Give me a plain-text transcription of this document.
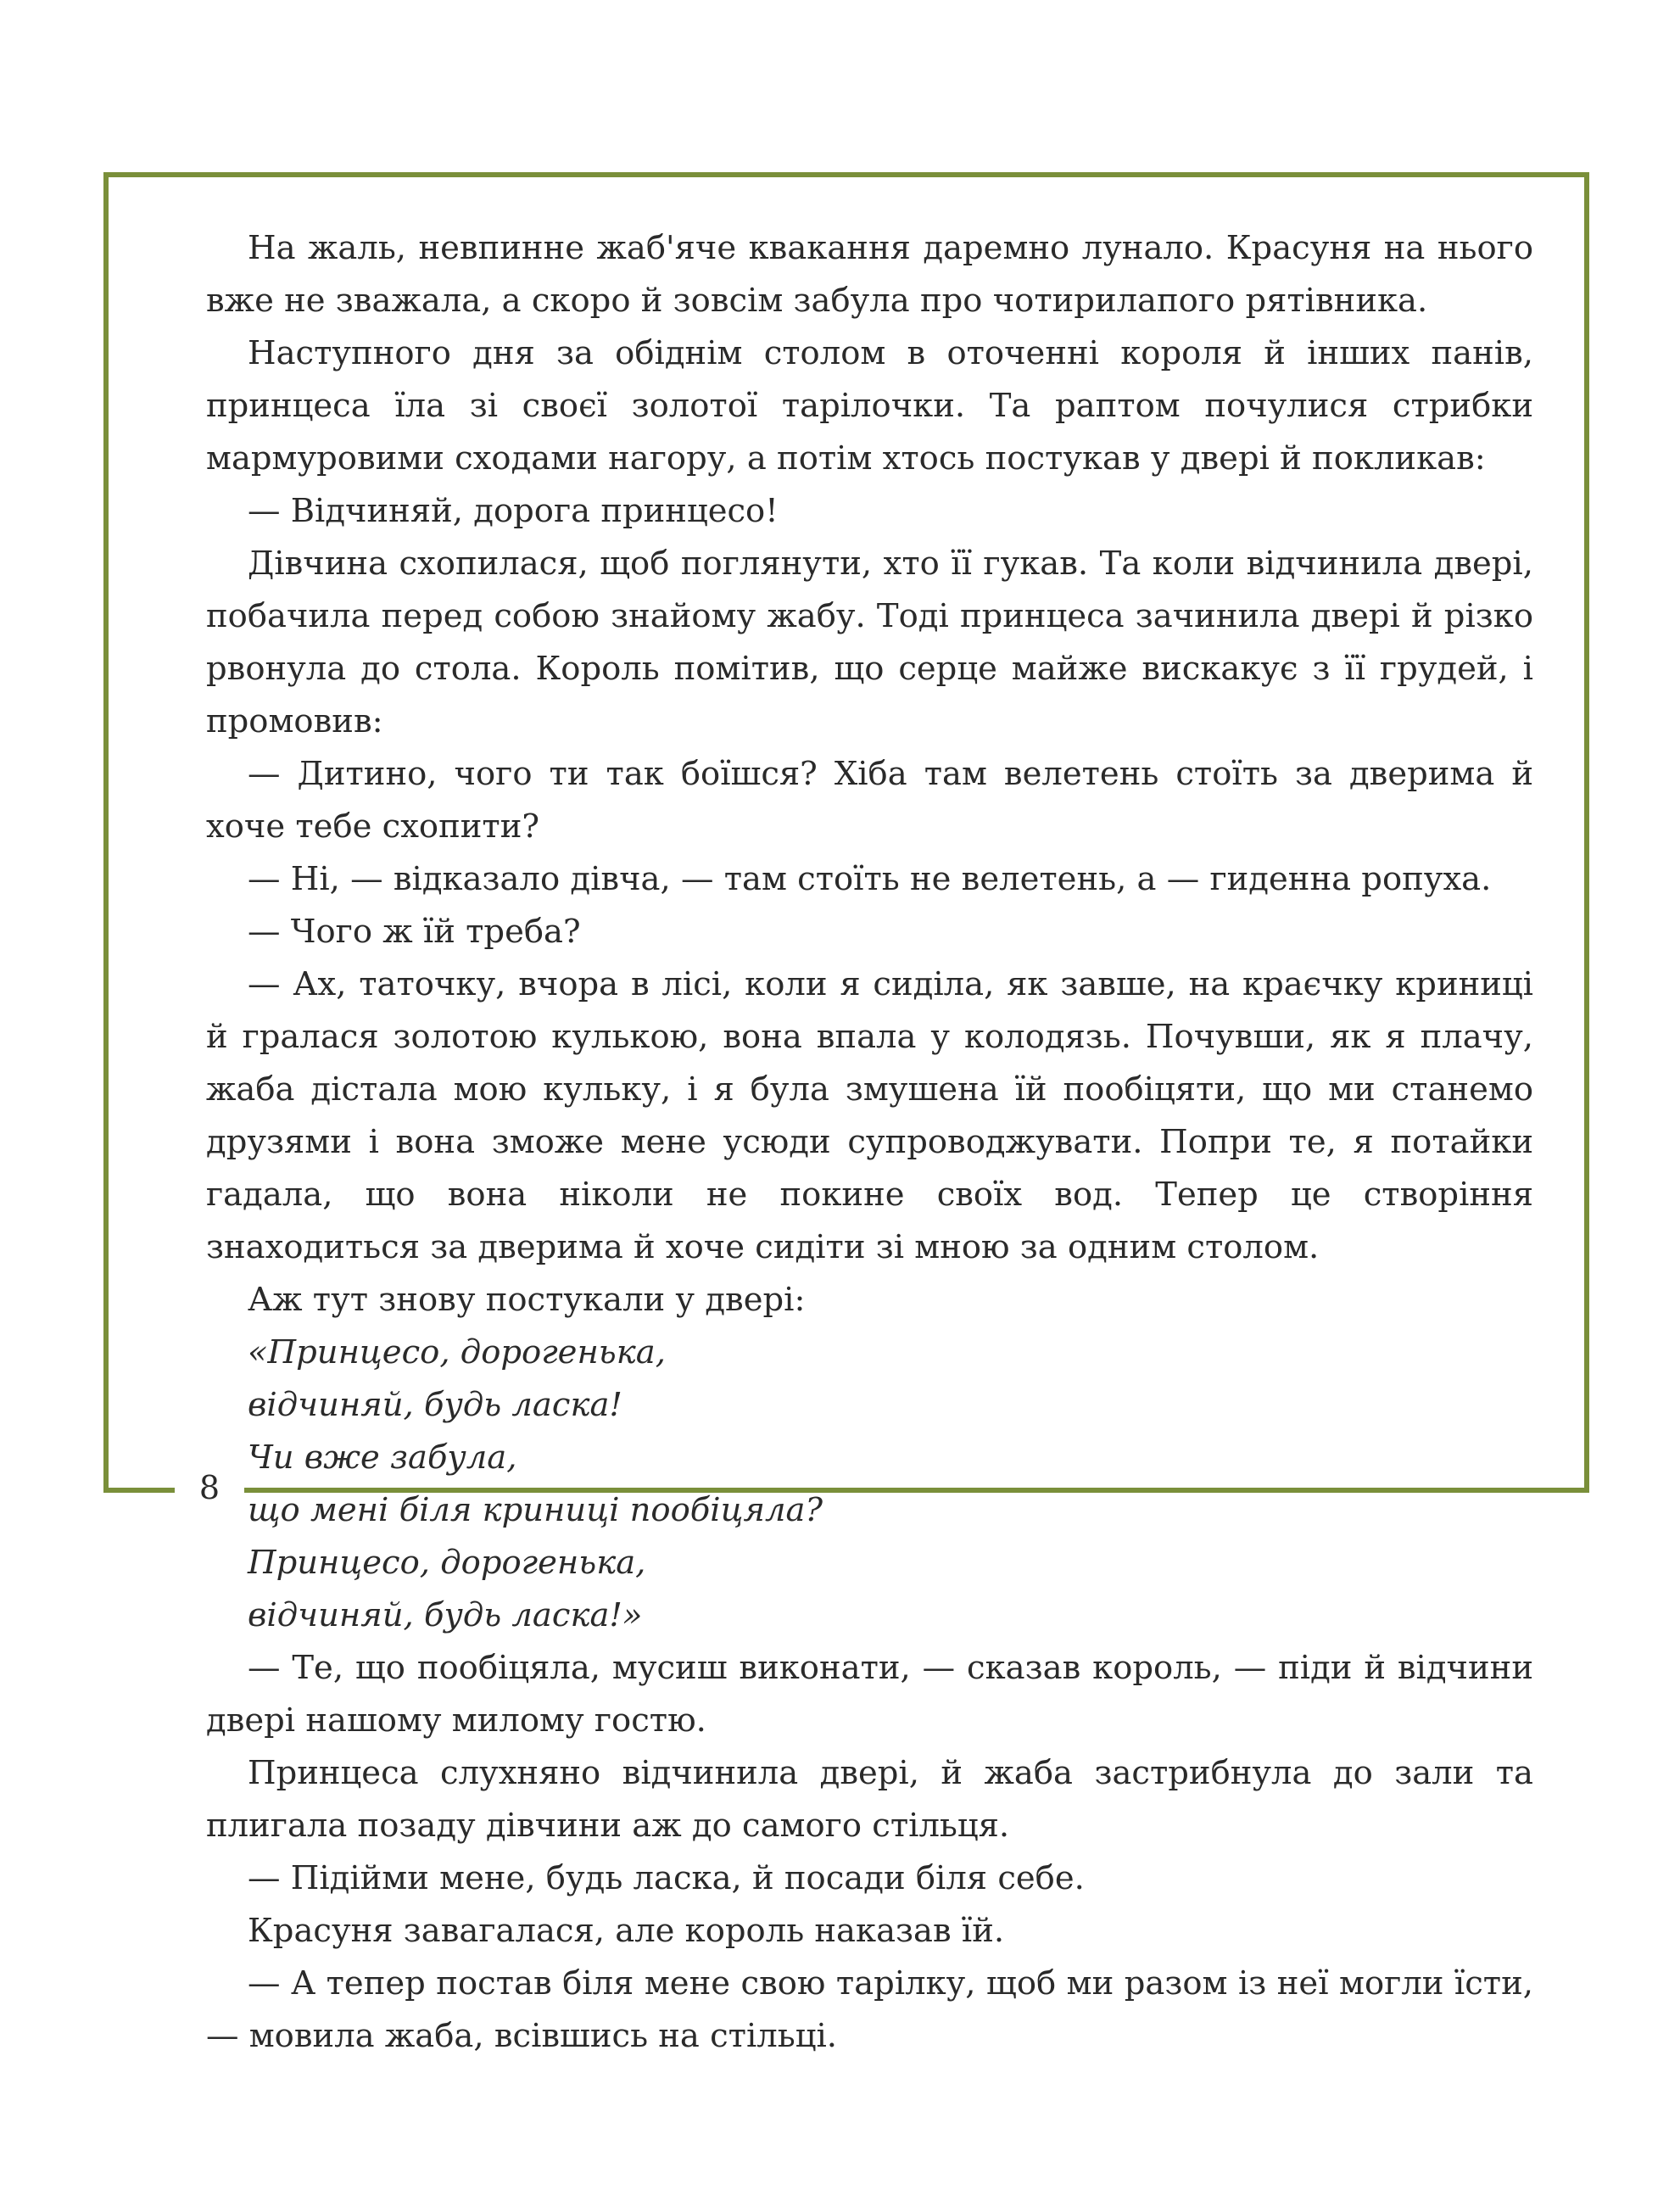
8

На жаль, невпинне жаб'яче квакання даремно лунало. Красуня на нього вже не зважала, а скоро й зовсім забула про чотирилапого рятівника.

Наступного дня за обіднім столом в оточенні короля й інших панів, принцеса їла зі своєї золотої тарілочки. Та раптом почулися стрибки мармуровими сходами нагору, а потім хтось постукав у двері й покликав:

— Відчиняй, дорога принцесо!

Дівчина схопилася, щоб поглянути, хто її гукав. Та коли відчинила двері, побачила перед собою знайому жабу. Тоді принцеса зачинила двері й різко рвонула до стола. Король помітив, що серце майже вискакує з її грудей, і промовив:

— Дитино, чого ти так боїшся? Хіба там велетень стоїть за дверима й хоче тебе схопити?

— Ні, — відказало дівча, — там стоїть не велетень, а — гиденна ропуха.

— Чого ж їй треба?

— Ах, таточку, вчора в лісі, коли я сиділа, як завше, на краєчку криниці й гралася золотою кулькою, вона впала у колодязь. Почувши, як я плачу, жаба дістала мою кульку, і я була змушена їй пообіцяти, що ми станемо друзями і вона зможе мене усюди супроводжувати. Попри те, я потайки гадала, що вона ніколи не покине своїх вод. Тепер це створіння знаходиться за дверима й хоче сидіти зі мною за одним столом.

Аж тут знову постукали у двері:

«Принцесо, дорогенька,

відчиняй, будь ласка!

Чи вже забула,

що мені біля криниці пообіцяла?

Принцесо, дорогенька,

відчиняй, будь ласка!»

— Те, що пообіцяла, мусиш виконати, — сказав король, — піди й відчини двері нашому милому гостю.

Принцеса слухняно відчинила двері, й жаба застрибнула до зали та плигала позаду дівчини аж до самого стільця.

— Підійми мене, будь ласка, й посади біля себе.

Красуня завагалася, але король наказав їй.

— А тепер постав біля мене свою тарілку, щоб ми разом із неї могли їсти, — мовила жаба, всівшись на стільці.
